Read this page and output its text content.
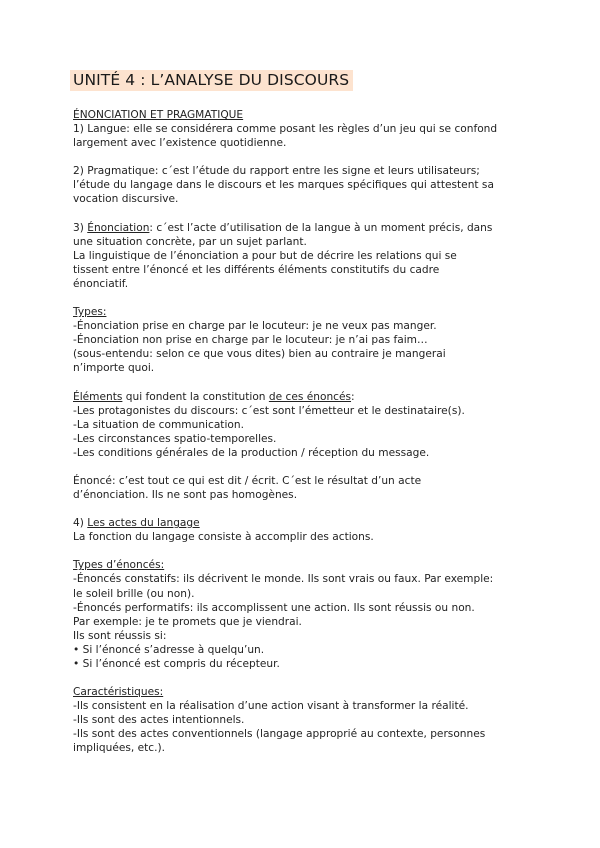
UNITÉ 4 : L’ANALYSE DU DISCOURS

ÉNONCIATION ET PRAGMATIQUE

1) Langue: elle se considérera comme posant les règles d’un jeu qui se confond
largement avec l’existence quotidienne.

2) Pragmatique: c´est l’étude du rapport entre les signe et leurs utilisateurs;
l’étude du langage dans le discours et les marques spécifiques qui attestent sa
vocation discursive.

3) Énonciation: c´est l’acte d’utilisation de la langue à un moment précis, dans
une situation concrète, par un sujet parlant.
La linguistique de l’énonciation a pour but de décrire les relations qui se
tissent entre l’énoncé et les différents éléments constitutifs du cadre
énonciatif.

Types:

-Énonciation prise en charge par le locuteur: je ne veux pas manger.
-Énonciation non prise en charge par le locuteur: je n’ai pas faim…
(sous-entendu: selon ce que vous dites) bien au contraire je mangerai
n’importe quoi.

Éléments qui fondent la constitution de ces énoncés:

-Les protagonistes du discours: c´est sont l’émetteur et le destinataire(s).
-La situation de communication.
-Les circonstances spatio-temporelles.
-Les conditions générales de la production / réception du message.

Énoncé: c’est tout ce qui est dit / écrit. C´est le résultat d’un acte
d’énonciation. Ils ne sont pas homogènes.

4) Les actes du langage

La fonction du langage consiste à accomplir des actions.

Types d’énoncés:

-Énoncés constatifs: ils décrivent le monde. Ils sont vrais ou faux. Par exemple:
le soleil brille (ou non).
-Énoncés performatifs: ils accomplissent une action. Ils sont réussis ou non.
Par exemple: je te promets que je viendrai.
Ils sont réussis si:
• Si l’énoncé s’adresse à quelqu’un.
• Si l’énoncé est compris du récepteur.

Caractéristiques:

-Ils consistent en la réalisation d’une action visant à transformer la réalité.
-Ils sont des actes intentionnels.
-Ils sont des actes conventionnels (langage approprié au contexte, personnes
impliquées, etc.).
